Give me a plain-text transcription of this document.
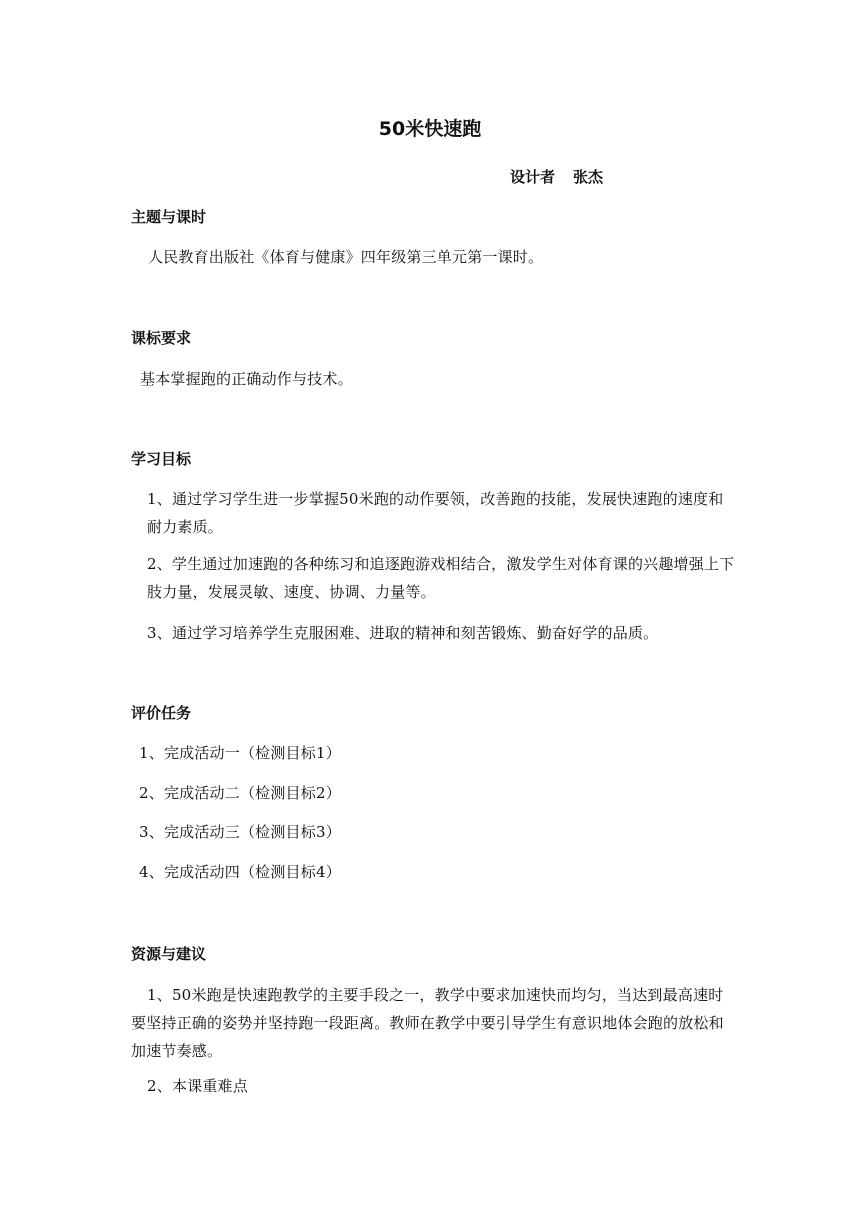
50米快速跑
设计者 张杰
主题与课时
人民教育出版社《体育与健康》四年级第三单元第一课时。
课标要求
基本掌握跑的正确动作与技术。
学习目标
1、通过学习学生进一步掌握50米跑的动作要领，改善跑的技能，发展快速跑的速度和耐力素质。
2、学生通过加速跑的各种练习和追逐跑游戏相结合，激发学生对体育课的兴趣增强上下肢力量，发展灵敏、速度、协调、力量等。
3、通过学习培养学生克服困难、进取的精神和刻苦锻炼、勤奋好学的品质。
评价任务
1、完成活动一（检测目标1）
2、完成活动二（检测目标2）
3、完成活动三（检测目标3）
4、完成活动四（检测目标4）
资源与建议
1、50米跑是快速跑教学的主要手段之一，教学中要求加速快而均匀，当达到最高速时要坚持正确的姿势并坚持跑一段距离。教师在教学中要引导学生有意识地体会跑的放松和加速节奏感。
2、本课重难点
